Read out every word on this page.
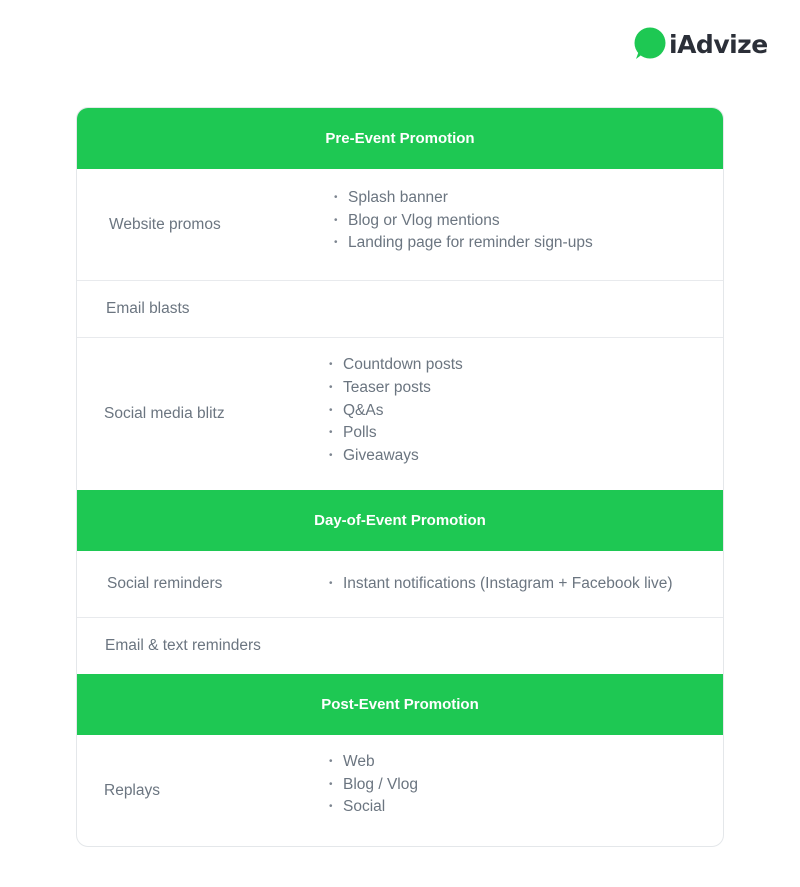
iAdvize
Pre-Event Promotion
Website promos
• Splash banner
• Blog or Vlog mentions
• Landing page for reminder sign-ups
Email blasts
Social media blitz
• Countdown posts
• Teaser posts
• Q&As
• Polls
• Giveaways
Day-of-Event Promotion
Social reminders
•	Instant notifications (Instagram + Facebook live)
Email & text reminders
Post-Event Promotion
Replays
• Web
• Blog / Vlog
• Social
